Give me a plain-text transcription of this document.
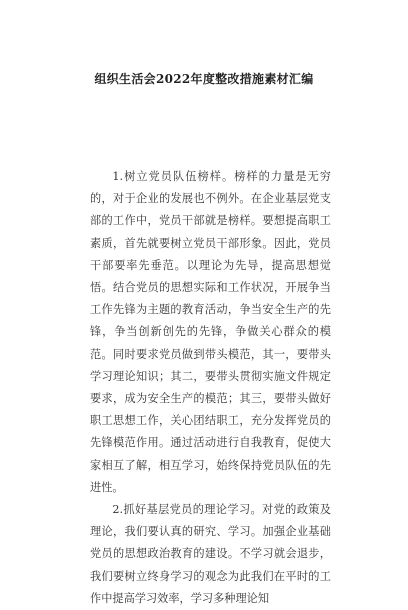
组织生活会2022年度整改措施素材汇编

1.树立党员队伍榜样。榜样的力量是无穷的，对于企业的发展也不例外。在企业基层党支部的工作中，党员干部就是榜样。要想提高职工素质，首先就要树立党员干部形象。因此，党员干部要率先垂范。以理论为先导，提高思想觉悟。结合党员的思想实际和工作状况，开展争当工作先锋为主题的教育活动，争当安全生产的先锋，争当创新创先的先锋，争做关心群众的模范。同时要求党员做到带头模范，其一，要带头学习理论知识；其二，要带头贯彻实施文件规定要求，成为安全生产的模范；其三，要带头做好职工思想工作，关心团结职工，充分发挥党员的先锋模范作用。通过活动进行自我教育，促使大家相互了解，相互学习，始终保持党员队伍的先进性。

2.抓好基层党员的理论学习。对党的政策及理论，我们要认真的研究、学习。加强企业基础党员的思想政治教育的建设。不学习就会退步，我们要树立终身学习的观念为此我们在平时的工作中提高学习效率，学习多种理论知
